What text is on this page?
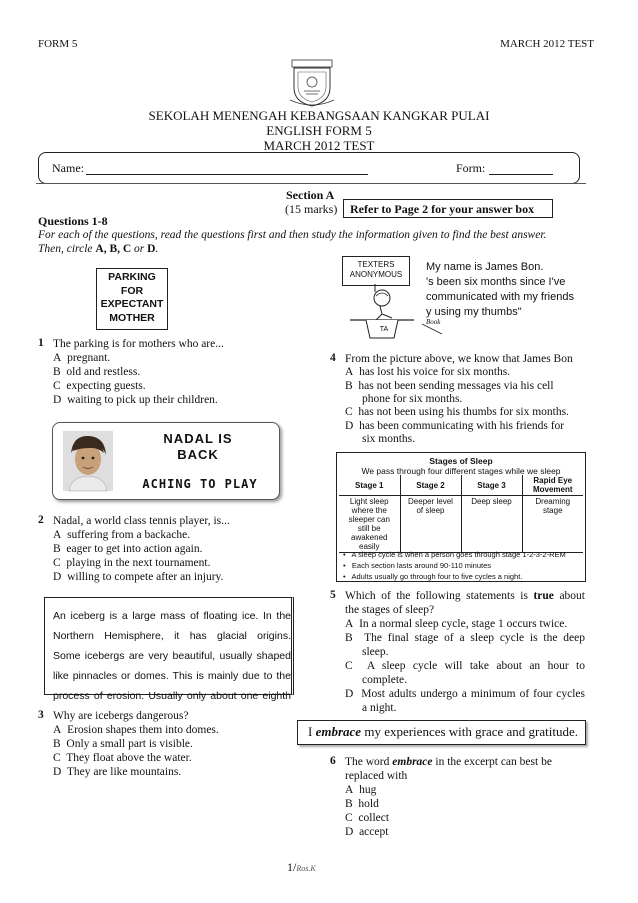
FORM 5	MARCH 2012 TEST
SEKOLAH MENENGAH KEBANGSAAN KANGKAR PULAI
ENGLISH FORM 5
MARCH 2012 TEST
Name:	Form:
Section A
(15 marks)	Refer to Page 2 for your answer box
Questions 1-8
For each of the questions, read the questions first and then study the information given to find the best answer.
Then, circle A, B, C or D.
PARKING
FOR
EXPECTANT
MOTHER
1 The parking is for mothers who are...
A pregnant.
B old and restless.
C expecting guests.
D waiting to pick up their children.
NADAL IS
BACK
ACHING TO PLAY
2 Nadal, a world class tennis player, is...
A suffering from a backache.
B eager to get into action again.
C playing in the next tournament.
D willing to compete after an injury.
An iceberg is a large mass of floating ice. In the
Northern Hemisphere, it has glacial origins.
Some icebergs are very beautiful, usually shaped
like pinnacles or domes. This is mainly due to the
process of erosion. Usually only about one eighth
3 Why are icebergs dangerous?
A Erosion shapes them into domes.
B Only a small part is visible.
C They float above the water.
D They are like mountains.
TEXTERS
ANONYMOUS
TA
Book
My name is James Bon.
's been six months since I've
communicated with my friends
y using my thumbs"
4 From the picture above, we know that James Bon
A has lost his voice for six months.
B has not been sending messages via his cell
phone for six months.
C has not been using his thumbs for six months.
D has been communicating with his friends for
six months.
Stages of Sleep
We pass through four different stages while we sleep
Stage 1	Stage 2	Stage 3	Rapid Eye Movement
Light sleep where the sleeper can still be awakened easily	Deeper level of sleep	Deep sleep	Dreaming stage
•   A sleep cycle is when a person goes through stage 1-2-3-2-REM
•   Each section lasts around 90-110 minutes
•   Adults usually go through four to five cycles a night.
5 Which of the following statements is true about
the stages of sleep?
A In a normal sleep cycle, stage 1 occurs twice.
B The final stage of a sleep cycle is the deep
sleep.
C A sleep cycle will take about an hour to
complete.
D Most adults undergo a minimum of four cycles
a night.
I embrace my experiences with grace and gratitude.
6 The word embrace in the excerpt can best be
replaced with
A hug
B hold
C collect
D accept
1/Ros.K
